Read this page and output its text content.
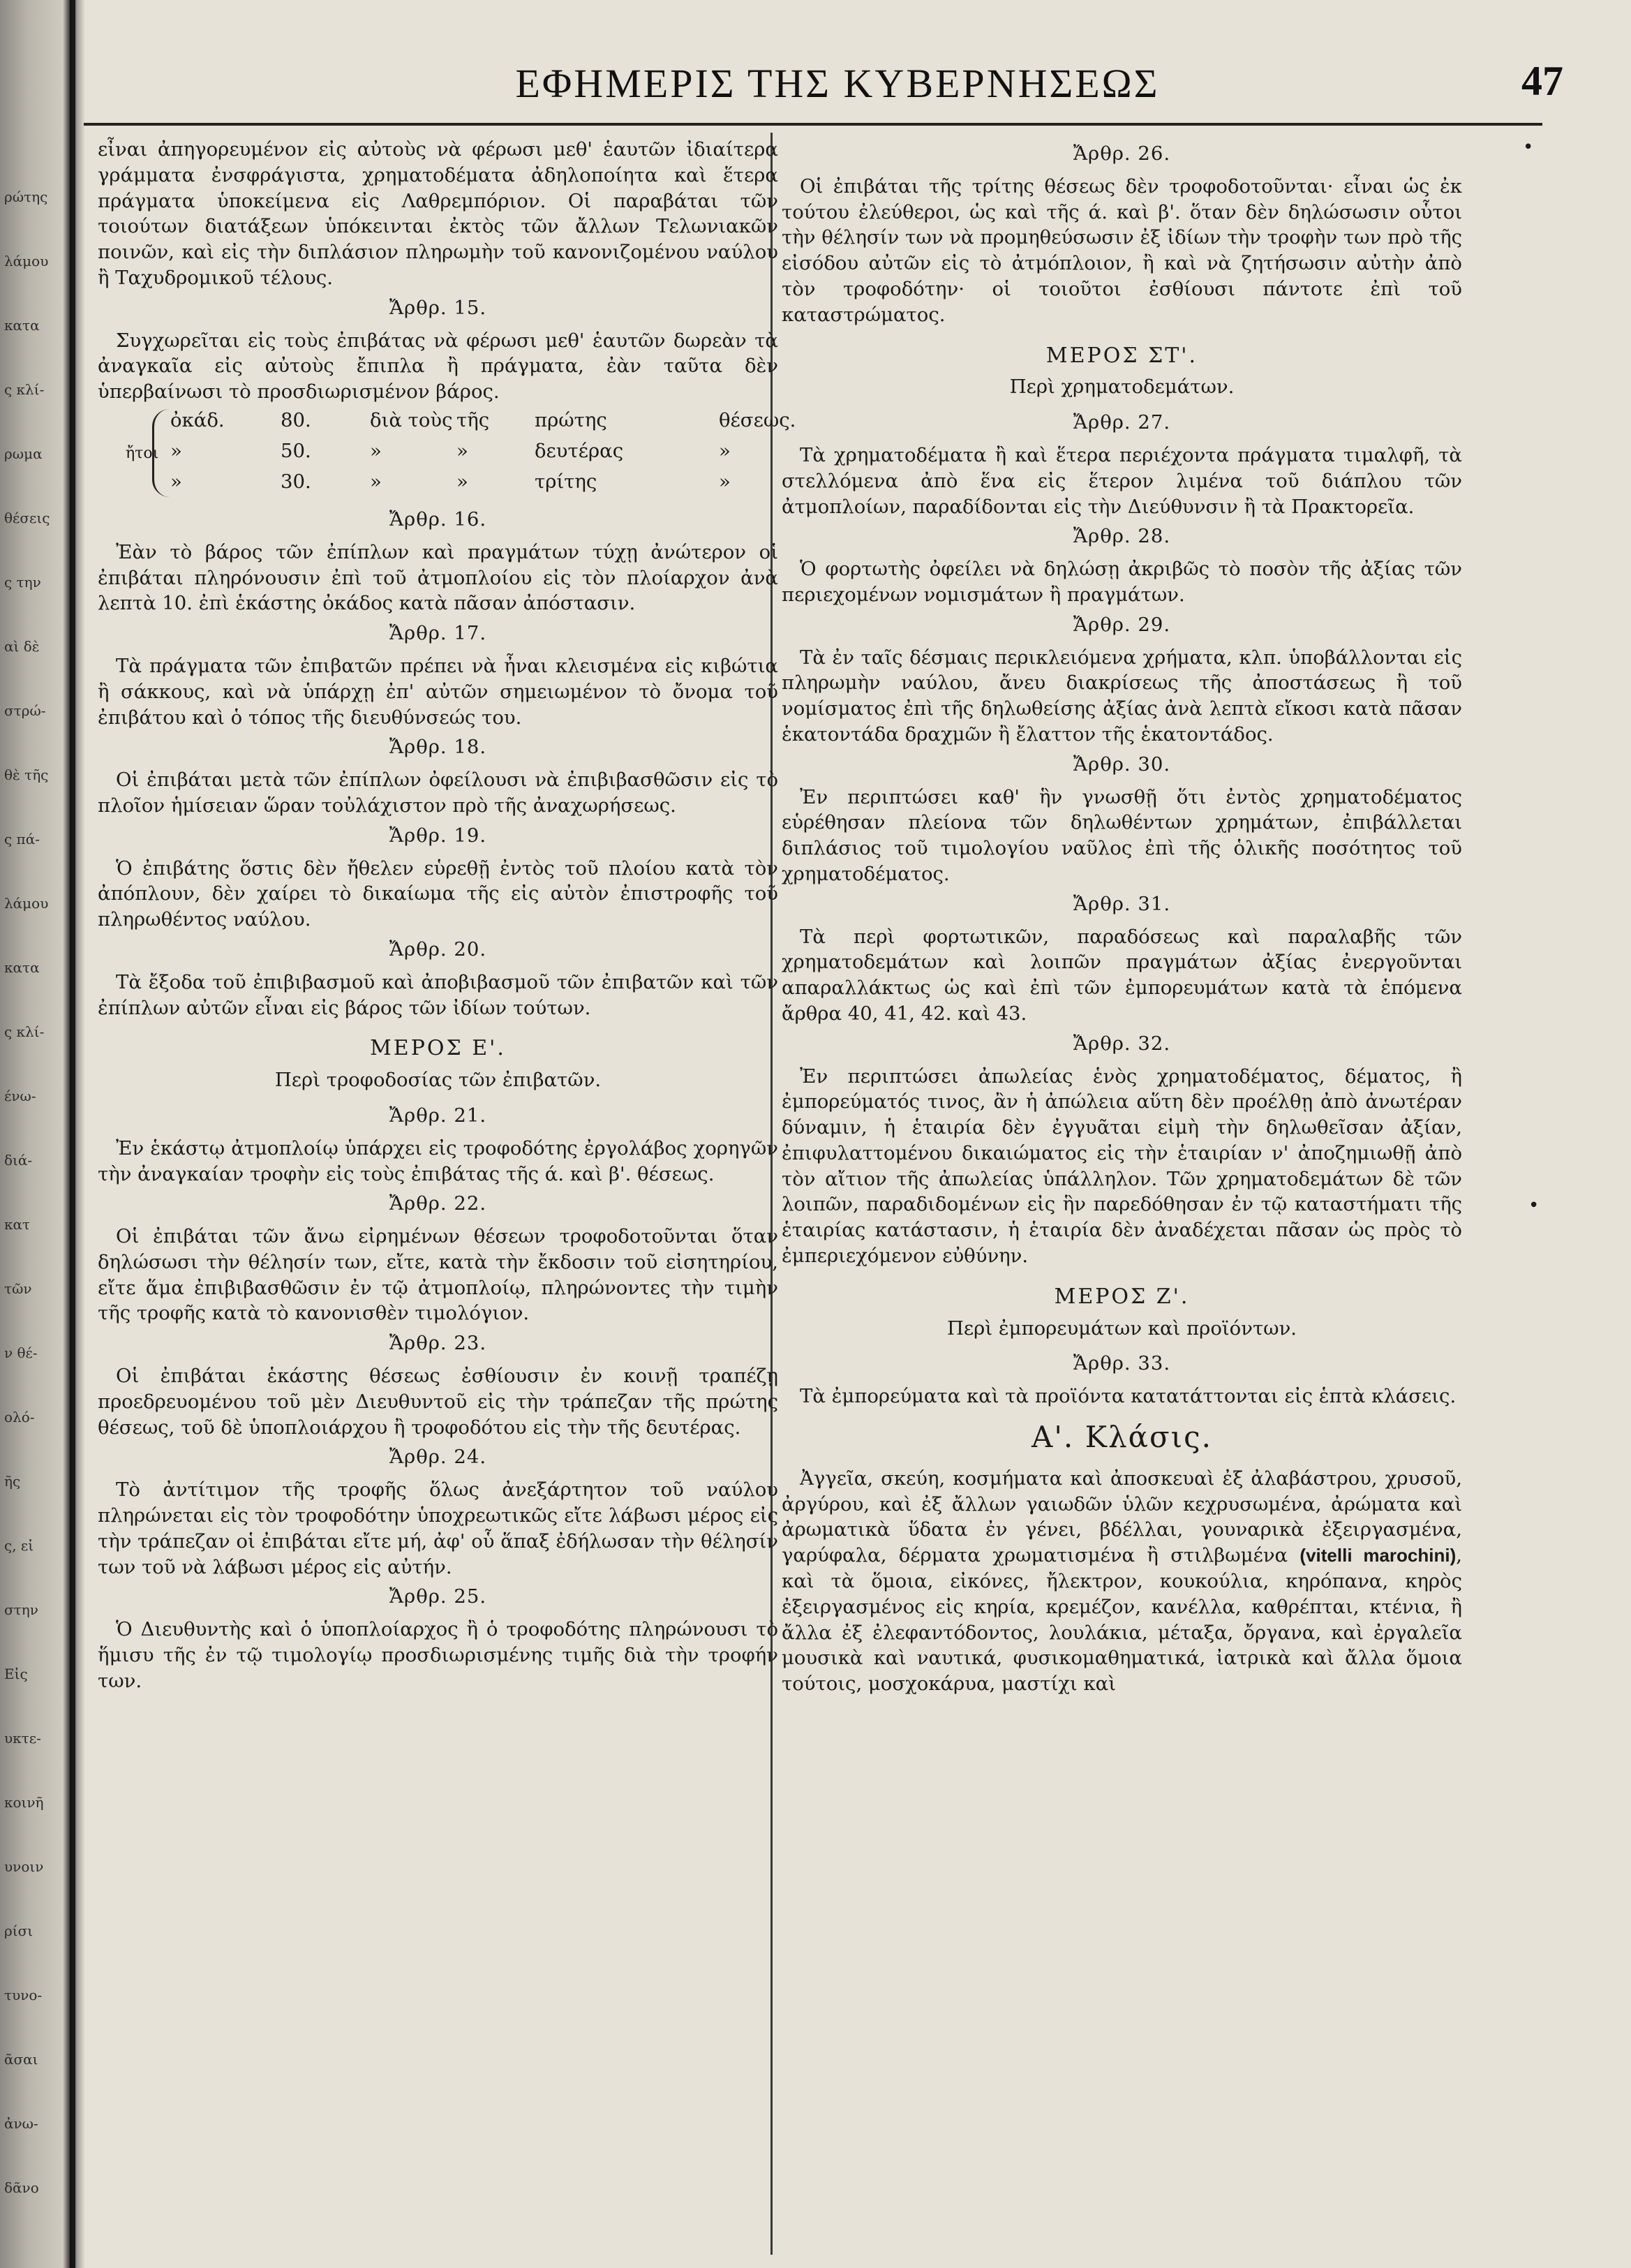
ρώτης
λάμου
κατα
ς κλί-
ρωμα
θέσεις
ς την
αὶ δὲ
στρώ-
θὲ τῆς
ς πά-
λάμου
κατα
ς κλί-
ένω-
διά-
κατ
τῶν
ν θέ-
ολό-
ῆς
ς, εἰ
στην
Εἰς
υκτε-
κοινῆ
υνοιν
ρίσι
τυνο-
ᾶσαι
ἀνω-
δᾶνο
ΕΦΗΜΕΡΙΣ ΤΗΣ ΚΥΒΕΡΝΗΣΕΩΣ	47
•
•

εἶναι ἀπηγορευμένον εἰς αὐτοὺς νὰ φέρωσι μεθ' ἑαυτῶν ἰδιαίτερα γράμματα ἐνσφράγιστα, χρηματοδέματα ἀδηλοποίητα καὶ ἕτερα πράγματα ὑποκείμενα εἰς Λαθρεμπόριον. Οἱ παραβάται τῶν τοιούτων διατάξεων ὑπόκεινται ἐκτὸς τῶν ἄλλων Τελωνιακῶν ποινῶν, καὶ εἰς τὴν διπλάσιον πληρωμὴν τοῦ κανονιζομένου ναύλου ἢ Ταχυδρομικοῦ τέλους.

Ἄρθρ. 15.

Συγχωρεῖται εἰς τοὺς ἐπιβάτας νὰ φέρωσι μεθ' ἑαυτῶν δωρεὰν τὰ ἀναγκαῖα εἰς αὐτοὺς ἔπιπλα ἢ πράγματα, ἐὰν ταῦτα δὲν ὑπερβαίνωσι τὸ προσδιωρισμένον βάρος.

ἤτοι
ὀκάδ.	80.	διὰ τοὺς τῆς πρώτης	θέσεως.
»	50.	»	»	δευτέρας	»
»	30.	»	»	τρίτης	»
Ἄρθρ. 16.

Ἐὰν τὸ βάρος τῶν ἐπίπλων καὶ πραγμάτων τύχῃ ἀνώτερον οἱ ἐπιβάται πληρόνουσιν ἐπὶ τοῦ ἀτμοπλοίου εἰς τὸν πλοίαρχον ἀνὰ λεπτὰ 10. ἐπὶ ἑκάστης ὀκάδος κατὰ πᾶσαν ἀπόστασιν.

Ἄρθρ. 17.

Τὰ πράγματα τῶν ἐπιβατῶν πρέπει νὰ ἦναι κλεισμένα εἰς κιβώτια ἢ σάκκους, καὶ νὰ ὑπάρχῃ ἐπ' αὐτῶν σημειωμένον τὸ ὄνομα τοῦ ἐπιβάτου καὶ ὁ τόπος τῆς διευθύνσεώς του.

Ἄρθρ. 18.

Οἱ ἐπιβάται μετὰ τῶν ἐπίπλων ὀφείλουσι νὰ ἐπιβιβασθῶσιν εἰς τὸ πλοῖον ἡμίσειαν ὥραν τοὐλάχιστον πρὸ τῆς ἀναχωρήσεως.

Ἄρθρ. 19.

Ὁ ἐπιβάτης ὅστις δὲν ἤθελεν εὑρεθῇ ἐντὸς τοῦ πλοίου κατὰ τὸν ἀπόπλουν, δὲν χαίρει τὸ δικαίωμα τῆς εἰς αὐτὸν ἐπιστροφῆς τοῦ πληρωθέντος ναύλου.

Ἄρθρ. 20.

Τὰ ἔξοδα τοῦ ἐπιβιβασμοῦ καὶ ἀποβιβασμοῦ τῶν ἐπιβατῶν καὶ τῶν ἐπίπλων αὐτῶν εἶναι εἰς βάρος τῶν ἰδίων τούτων.

ΜΕΡΟΣ Ε'.
Περὶ τροφοδοσίας τῶν ἐπιβατῶν.
Ἄρθρ. 21.

Ἐν ἑκάστῳ ἀτμοπλοίῳ ὑπάρχει εἰς τροφοδότης ἐργολάβος χορηγῶν τὴν ἀναγκαίαν τροφὴν εἰς τοὺς ἐπιβάτας τῆς ά. καὶ β'. θέσεως.

Ἄρθρ. 22.

Οἱ ἐπιβάται τῶν ἄνω εἰρημένων θέσεων τροφοδοτοῦνται ὅταν δηλώσωσι τὴν θέλησίν των, εἴτε, κατὰ τὴν ἔκδοσιν τοῦ εἰσητηρίου, εἴτε ἅμα ἐπιβιβασθῶσιν ἐν τῷ ἀτμοπλοίῳ, πληρώνοντες τὴν τιμὴν τῆς τροφῆς κατὰ τὸ κανονισθὲν τιμολόγιον.

Ἄρθρ. 23.

Οἱ ἐπιβάται ἑκάστης θέσεως ἐσθίουσιν ἐν κοινῇ τραπέζῃ προεδρευομένου τοῦ μὲν Διευθυντοῦ εἰς τὴν τράπεζαν τῆς πρώτης θέσεως, τοῦ δὲ ὑποπλοιάρχου ἢ τροφοδότου εἰς τὴν τῆς δευτέρας.

Ἄρθρ. 24.

Τὸ ἀντίτιμον τῆς τροφῆς ὅλως ἀνεξάρτητον τοῦ ναύλου πληρώνεται εἰς τὸν τροφοδότην ὑποχρεωτικῶς εἴτε λάβωσι μέρος εἰς τὴν τράπεζαν οἱ ἐπιβάται εἴτε μή, ἀφ' οὗ ἅπαξ ἐδήλωσαν τὴν θέλησίν των τοῦ νὰ λάβωσι μέρος εἰς αὐτήν.

Ἄρθρ. 25.

Ὁ Διευθυντὴς καὶ ὁ ὑποπλοίαρχος ἢ ὁ τροφοδότης πληρώνουσι τὸ ἥμισυ τῆς ἐν τῷ τιμολογίῳ προσδιωρισμένης τιμῆς διὰ τὴν τροφήν των.

Ἄρθρ. 26.

Οἱ ἐπιβάται τῆς τρίτης θέσεως δὲν τροφοδοτοῦνται· εἶναι ὡς ἐκ τούτου ἐλεύθεροι, ὡς καὶ τῆς ά. καὶ β'. ὅταν δὲν δηλώσωσιν οὗτοι τὴν θέλησίν των νὰ προμηθεύσωσιν ἐξ ἰδίων τὴν τροφὴν των πρὸ τῆς εἰσόδου αὐτῶν εἰς τὸ ἀτμόπλοιον, ἢ καὶ νὰ ζητήσωσιν αὐτὴν ἀπὸ τὸν τροφοδότην· οἱ τοιοῦτοι ἐσθίουσι πάντοτε ἐπὶ τοῦ καταστρώματος.

ΜΕΡΟΣ ΣΤ'.
Περὶ χρηματοδεμάτων.
Ἄρθρ. 27.

Τὰ χρηματοδέματα ἢ καὶ ἕτερα περιέχοντα πράγματα τιμαλφῆ, τὰ στελλόμενα ἀπὸ ἕνα εἰς ἕτερον λιμένα τοῦ διάπλου τῶν ἀτμοπλοίων, παραδίδονται εἰς τὴν Διεύθυνσιν ἢ τὰ Πρακτορεῖα.

Ἄρθρ. 28.

Ὁ φορτωτὴς ὀφείλει νὰ δηλώσῃ ἀκριβῶς τὸ ποσὸν τῆς ἀξίας τῶν περιεχομένων νομισμάτων ἢ πραγμάτων.

Ἄρθρ. 29.

Τὰ ἐν ταῖς δέσμαις περικλειόμενα χρήματα, κλπ. ὑποβάλλονται εἰς πληρωμὴν ναύλου, ἄνευ διακρίσεως τῆς ἀποστάσεως ἢ τοῦ νομίσματος ἐπὶ τῆς δηλωθείσης ἀξίας ἀνὰ λεπτὰ εἴκοσι κατὰ πᾶσαν ἑκατοντάδα δραχμῶν ἢ ἔλαττον τῆς ἑκατοντάδος.

Ἄρθρ. 30.

Ἐν περιπτώσει καθ' ἣν γνωσθῇ ὅτι ἐντὸς χρηματοδέματος εὑρέθησαν πλείονα τῶν δηλωθέντων χρημάτων, ἐπιβάλλεται διπλάσιος τοῦ τιμολογίου ναῦλος ἐπὶ τῆς ὁλικῆς ποσότητος τοῦ χρηματοδέματος.

Ἄρθρ. 31.

Τὰ περὶ φορτωτικῶν, παραδόσεως καὶ παραλαβῆς τῶν χρηματοδεμάτων καὶ λοιπῶν πραγμάτων ἀξίας ἐνεργοῦνται απαραλλάκτως ὡς καὶ ἐπὶ τῶν ἐμπορευμάτων κατὰ τὰ ἑπόμενα ἄρθρα 40, 41, 42. καὶ 43.

Ἄρθρ. 32.

Ἐν περιπτώσει ἀπωλείας ἑνὸς χρηματοδέματος, δέματος, ἢ ἐμπορεύματός τινος, ἂν ἡ ἀπώλεια αὕτη δὲν προέλθῃ ἀπὸ ἀνωτέραν δύναμιν, ἡ ἑταιρία δὲν ἐγγυᾶται εἰμὴ τὴν δηλωθεῖσαν ἀξίαν, ἐπιφυλαττομένου δικαιώματος εἰς τὴν ἑταιρίαν ν' ἀποζημιωθῇ ἀπὸ τὸν αἴτιον τῆς ἀπωλείας ὑπάλληλον. Τῶν χρηματοδεμάτων δὲ τῶν λοιπῶν, παραδιδομένων εἰς ἣν παρεδόθησαν ἐν τῷ καταστήματι τῆς ἑταιρίας κατάστασιν, ἡ ἑταιρία δὲν ἀναδέχεται πᾶσαν ὡς πρὸς τὸ ἐμπεριεχόμενον εὐθύνην.

ΜΕΡΟΣ Ζ'.
Περὶ ἐμπορευμάτων καὶ προϊόντων.
Ἄρθρ. 33.

Τὰ ἐμπορεύματα καὶ τὰ προϊόντα κατατάττονται εἰς ἑπτὰ κλάσεις.

Α'. Κλάσις.

Ἀγγεῖα, σκεύη, κοσμήματα καὶ ἀποσκευαὶ ἐξ ἀλαβάστρου, χρυσοῦ, ἀργύρου, καὶ ἐξ ἄλλων γαιωδῶν ὑλῶν κεχρυσωμένα, ἀρώματα καὶ ἀρωματικὰ ὕδατα ἐν γένει, βδέλλαι, γουναρικὰ ἐξειργασμένα, γαρύφαλα, δέρματα χρωματισμένα ἢ στιλβωμένα (vitelli marochini), καὶ τὰ ὅμοια, εἰκόνες, ἤλεκτρον, κουκούλια, κηρόπανα, κηρὸς ἐξειργασμένος εἰς κηρία, κρεμέζον, κανέλλα, καθρέπται, κτένια, ἢ ἄλλα ἐξ ἐλεφαντόδοντος, λουλάκια, μέταξα, ὄργανα, καὶ ἐργαλεῖα μουσικὰ καὶ ναυτικά, φυσικομαθηματικά, ἰατρικὰ καὶ ἄλλα ὅμοια τούτοις, μοσχοκάρυα, μαστίχι καὶ
